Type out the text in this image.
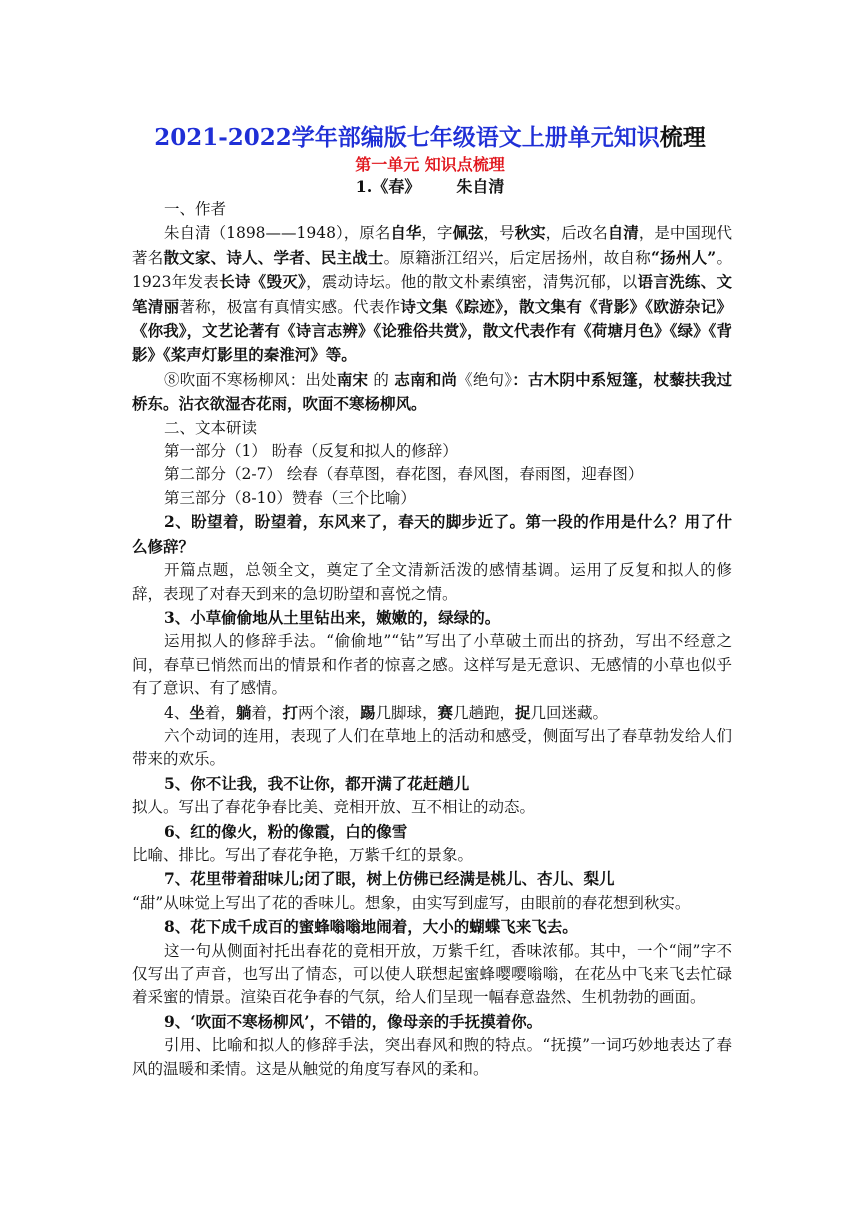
2021-2022学年部编版七年级语文上册单元知识梳理
第一单元 知识点梳理
1.《春》 朱自清

一、作者

朱自清（1898——1948），原名自华，字佩弦，号秋实，后改名自清，是中国现代著名散文家、诗人、学者、民主战士。原籍浙江绍兴，后定居扬州，故自称“扬州人”。1923年发表长诗《毁灭》，震动诗坛。他的散文朴素缜密，清隽沉郁，以语言洗练、文笔清丽著称，极富有真情实感。代表作诗文集《踪迹》，散文集有《背影》《欧游杂记》《你我》，文艺论著有《诗言志辨》《论雅俗共赏》，散文代表作有《荷塘月色》《绿》《背影》《桨声灯影里的秦淮河》等。

⑧吹面不寒杨柳风：出处南宋 的 志南和尚《绝句》：古木阴中系短篷，杖藜扶我过桥东。沾衣欲湿杏花雨，吹面不寒杨柳风。

二、文本研读

第一部分（1） 盼春（反复和拟人的修辞）

第二部分（2-7） 绘春（春草图，春花图，春风图，春雨图，迎春图）

第三部分（8-10）赞春（三个比喻）

2、盼望着，盼望着，东风来了，春天的脚步近了。第一段的作用是什么？用了什么修辞？

开篇点题，总领全文，奠定了全文清新活泼的感情基调。运用了反复和拟人的修辞，表现了对春天到来的急切盼望和喜悦之情。

3、小草偷偷地从土里钻出来，嫩嫩的，绿绿的。

运用拟人的修辞手法。“偷偷地”“钻”写出了小草破土而出的挤劲，写出不经意之间，春草已悄然而出的情景和作者的惊喜之感。这样写是无意识、无感情的小草也似乎有了意识、有了感情。

4、坐着，躺着，打两个滚，踢几脚球，赛几趟跑，捉几回迷藏。

六个动词的连用，表现了人们在草地上的活动和感受，侧面写出了春草勃发给人们带来的欢乐。

5、你不让我，我不让你，都开满了花赶趟儿

拟人。写出了春花争春比美、竞相开放、互不相让的动态。

6、红的像火，粉的像霞，白的像雪

比喻、排比。写出了春花争艳，万紫千红的景象。

7、花里带着甜味儿;闭了眼，树上仿佛已经满是桃儿、杏儿、梨儿

“甜”从味觉上写出了花的香味儿。想象，由实写到虚写，由眼前的春花想到秋实。

8、花下成千成百的蜜蜂嗡嗡地闹着，大小的蝴蝶飞来飞去。

这一句从侧面衬托出春花的竟相开放，万紫千红，香味浓郁。其中，一个“闹”字不仅写出了声音，也写出了情态，可以使人联想起蜜蜂嘤嘤嗡嗡，在花丛中飞来飞去忙碌着采蜜的情景。渲染百花争春的气氛，给人们呈现一幅春意盎然、生机勃勃的画面。

9、‘吹面不寒杨柳风’，不错的，像母亲的手抚摸着你。

引用、比喻和拟人的修辞手法，突出春风和煦的特点。“抚摸”一词巧妙地表达了春风的温暖和柔情。这是从触觉的角度写春风的柔和。
